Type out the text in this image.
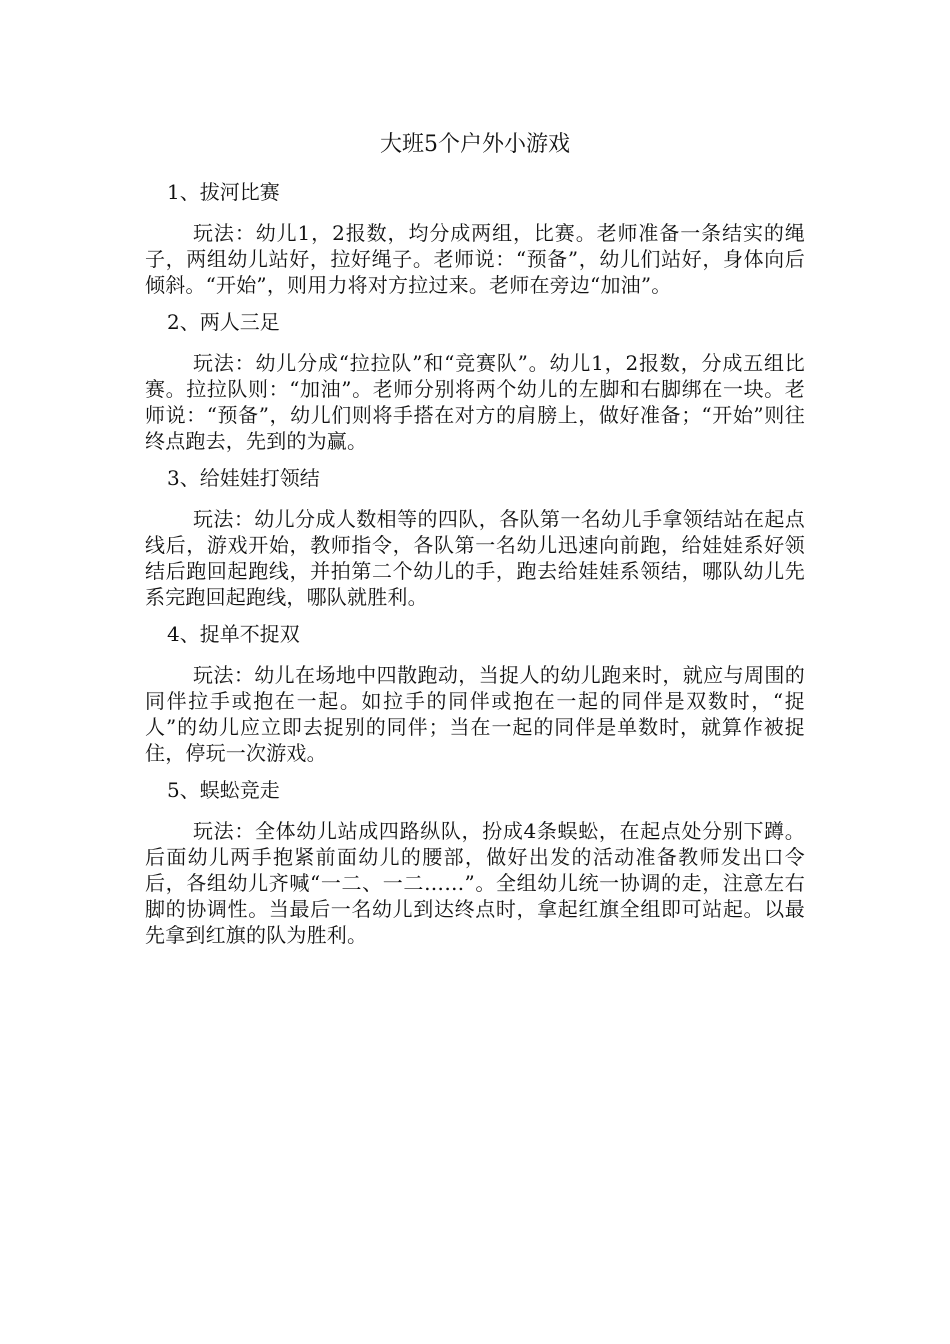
大班5个户外小游戏

1、拔河比赛

玩法：幼儿1，2报数，均分成两组，比赛。老师准备一条结实的绳子，两组幼儿站好，拉好绳子。老师说：“预备”，幼儿们站好，身体向后倾斜。“开始”，则用力将对方拉过来。老师在旁边“加油”。

2、两人三足

玩法：幼儿分成“拉拉队”和“竞赛队”。幼儿1，2报数，分成五组比赛。拉拉队则：“加油”。老师分别将两个幼儿的左脚和右脚绑在一块。老师说：“预备”，幼儿们则将手搭在对方的肩膀上，做好准备；“开始”则往终点跑去，先到的为赢。

3、给娃娃打领结

玩法：幼儿分成人数相等的四队，各队第一名幼儿手拿领结站在起点线后，游戏开始，教师指令，各队第一名幼儿迅速向前跑，给娃娃系好领结后跑回起跑线，并拍第二个幼儿的手，跑去给娃娃系领结，哪队幼儿先系完跑回起跑线，哪队就胜利。

4、捉单不捉双

玩法：幼儿在场地中四散跑动，当捉人的幼儿跑来时，就应与周围的同伴拉手或抱在一起。如拉手的同伴或抱在一起的同伴是双数时，“捉人”的幼儿应立即去捉别的同伴；当在一起的同伴是单数时，就算作被捉住，停玩一次游戏。

5、蜈蚣竞走

玩法：全体幼儿站成四路纵队，扮成4条蜈蚣，在起点处分别下蹲。后面幼儿两手抱紧前面幼儿的腰部，做好出发的活动准备教师发出口令后，各组幼儿齐喊“一二、一二……”。全组幼儿统一协调的走，注意左右脚的协调性。当最后一名幼儿到达终点时，拿起红旗全组即可站起。以最先拿到红旗的队为胜利。
